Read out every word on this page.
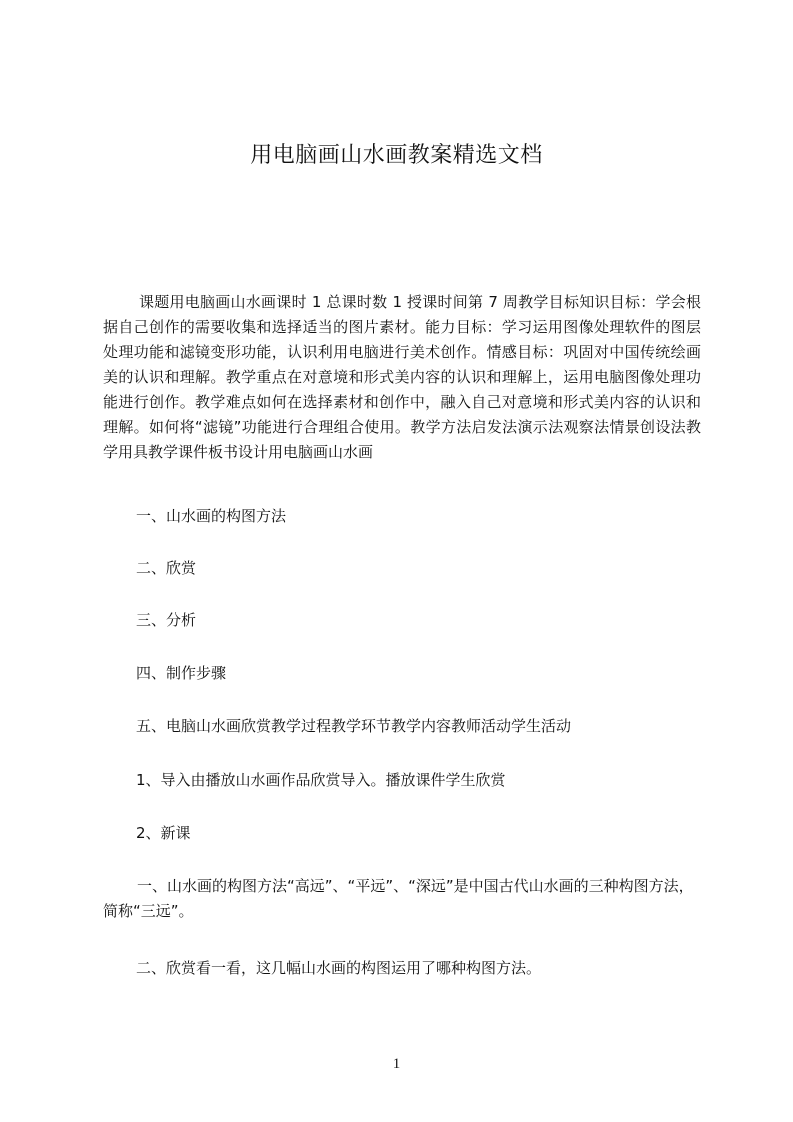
用电脑画山水画教案精选文档
课题用电脑画山水画课时 1 总课时数 1 授课时间第 7 周教学目标知识目标：学会根据自己创作的需要收集和选择适当的图片素材。能力目标：学习运用图像处理软件的图层处理功能和滤镜变形功能，认识利用电脑进行美术创作。情感目标：巩固对中国传统绘画美的认识和理解。教学重点在对意境和形式美内容的认识和理解上，运用电脑图像处理功能进行创作。教学难点如何在选择素材和创作中，融入自己对意境和形式美内容的认识和理解。如何将“滤镜”功能进行合理组合使用。教学方法启发法演示法观察法情景创设法教学用具教学课件板书设计用电脑画山水画
一、山水画的构图方法
二、欣赏
三、分析
四、制作步骤
五、电脑山水画欣赏教学过程教学环节教学内容教师活动学生活动
1、导入由播放山水画作品欣赏导入。播放课件学生欣赏
2、新课
一、山水画的构图方法“高远”、“平远”、“深远”是中国古代山水画的三种构图方法，简称“三远”。
二、欣赏看一看，这几幅山水画的构图运用了哪种构图方法。
1
